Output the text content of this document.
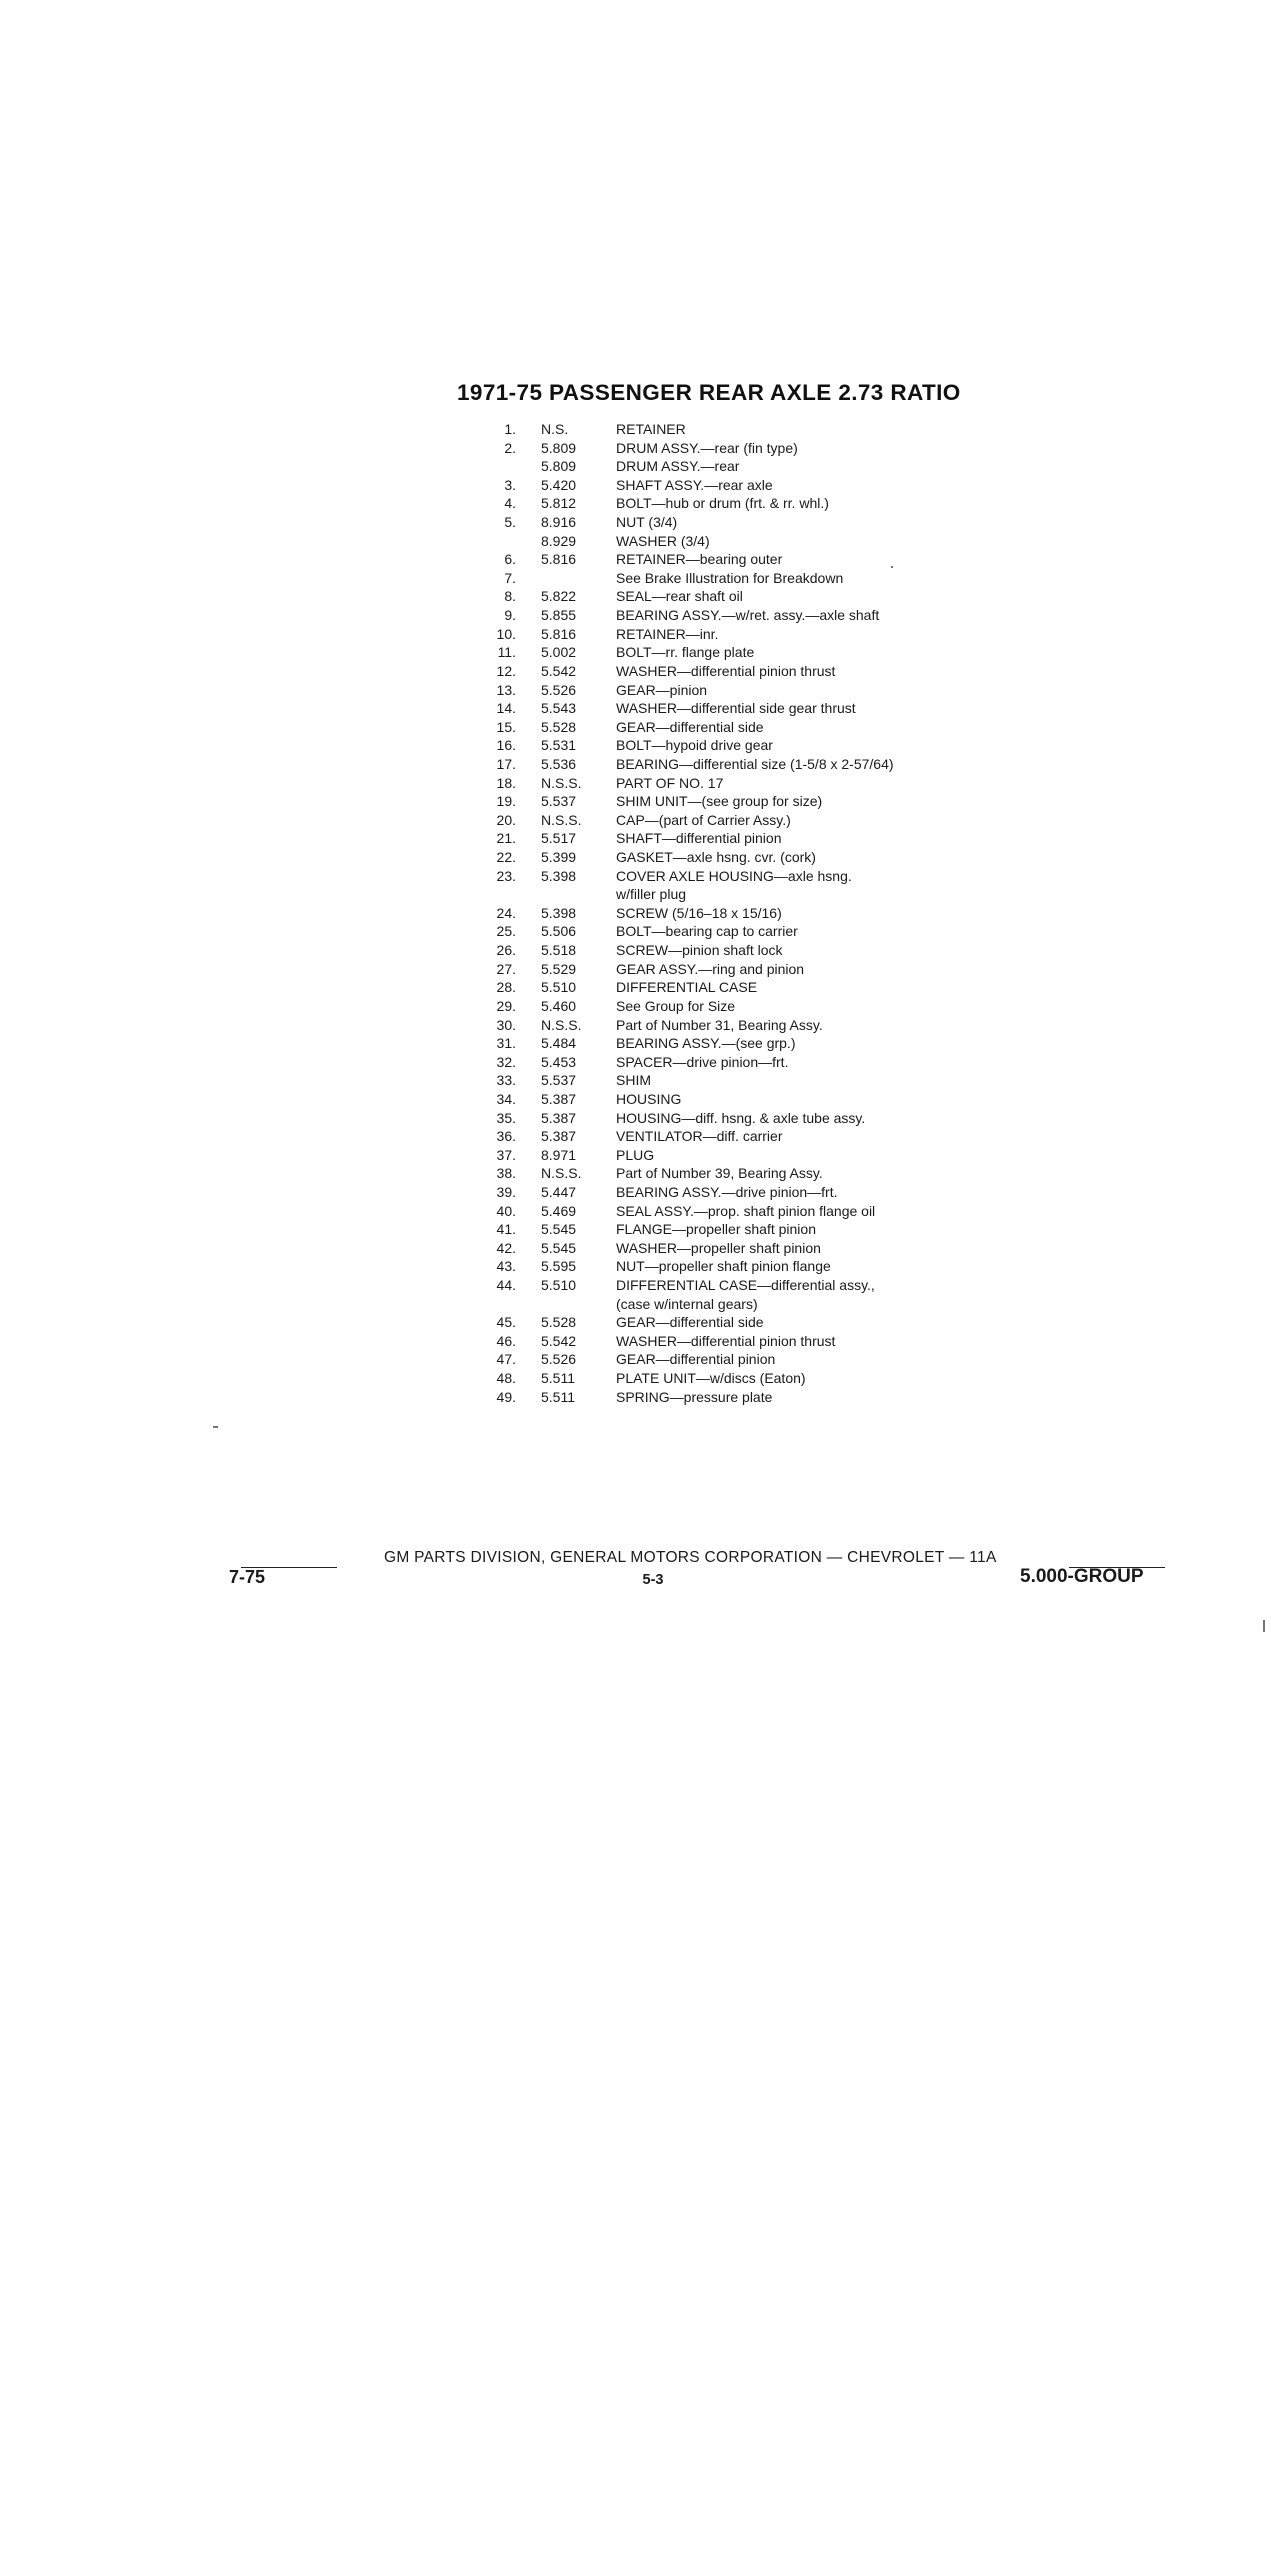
1971-75 PASSENGER REAR AXLE 2.73 RATIO
1. N.S.	RETAINER
2. 5.809	DRUM ASSY.—rear (fin type)
5.809	DRUM ASSY.—rear
3. 5.420	SHAFT ASSY.—rear axle
4. 5.812	BOLT—hub or drum (frt. & rr. whl.)
5. 8.916	NUT (3/4)
8.929	WASHER (3/4)
6. 5.816	RETAINER—bearing outer
7.	See Brake Illustration for Breakdown
8. 5.822	SEAL—rear shaft oil
9. 5.855	BEARING ASSY.—w/ret. assy.—axle shaft
10. 5.816	RETAINER—inr.
11. 5.002	BOLT—rr. flange plate
12. 5.542	WASHER—differential pinion thrust
13. 5.526	GEAR—pinion
14. 5.543	WASHER—differential side gear thrust
15. 5.528	GEAR—differential side
16. 5.531	BOLT—hypoid drive gear
17. 5.536	BEARING—differential size (1-5/8 x 2-57/64)
18. N.S.S. PART OF NO. 17
19. 5.537	SHIM UNIT—(see group for size)
20. N.S.S. CAP—(part of Carrier Assy.)
21. 5.517	SHAFT—differential pinion
22. 5.399	GASKET—axle hsng. cvr. (cork)
23. 5.398	COVER AXLE HOUSING—axle hsng.
w/filler plug
24. 5.398	SCREW (5/16–18 x 15/16)
25. 5.506	BOLT—bearing cap to carrier
26. 5.518	SCREW—pinion shaft lock
27. 5.529	GEAR ASSY.—ring and pinion
28. 5.510	DIFFERENTIAL CASE
29. 5.460	See Group for Size
30. N.S.S. Part of Number 31, Bearing Assy.
31. 5.484	BEARING ASSY.—(see grp.)
32. 5.453	SPACER—drive pinion—frt.
33. 5.537	SHIM
34. 5.387	HOUSING
35. 5.387	HOUSING—diff. hsng. & axle tube assy.
36. 5.387	VENTILATOR—diff. carrier
37. 8.971	PLUG
38. N.S.S. Part of Number 39, Bearing Assy.
39. 5.447	BEARING ASSY.—drive pinion—frt.
40. 5.469	SEAL ASSY.—prop. shaft pinion flange oil
41. 5.545	FLANGE—propeller shaft pinion
42. 5.545	WASHER—propeller shaft pinion
43. 5.595	NUT—propeller shaft pinion flange
44. 5.510	DIFFERENTIAL CASE—differential assy.,
(case w/internal gears)
45. 5.528	GEAR—differential side
46. 5.542	WASHER—differential pinion thrust
47. 5.526	GEAR—differential pinion
48. 5.511	PLATE UNIT—w/discs (Eaton)
49. 5.511	SPRING—pressure plate
GM PARTS DIVISION, GENERAL MOTORS CORPORATION — CHEVROLET — 11A
7-75	5-3	5.000-GROUP
